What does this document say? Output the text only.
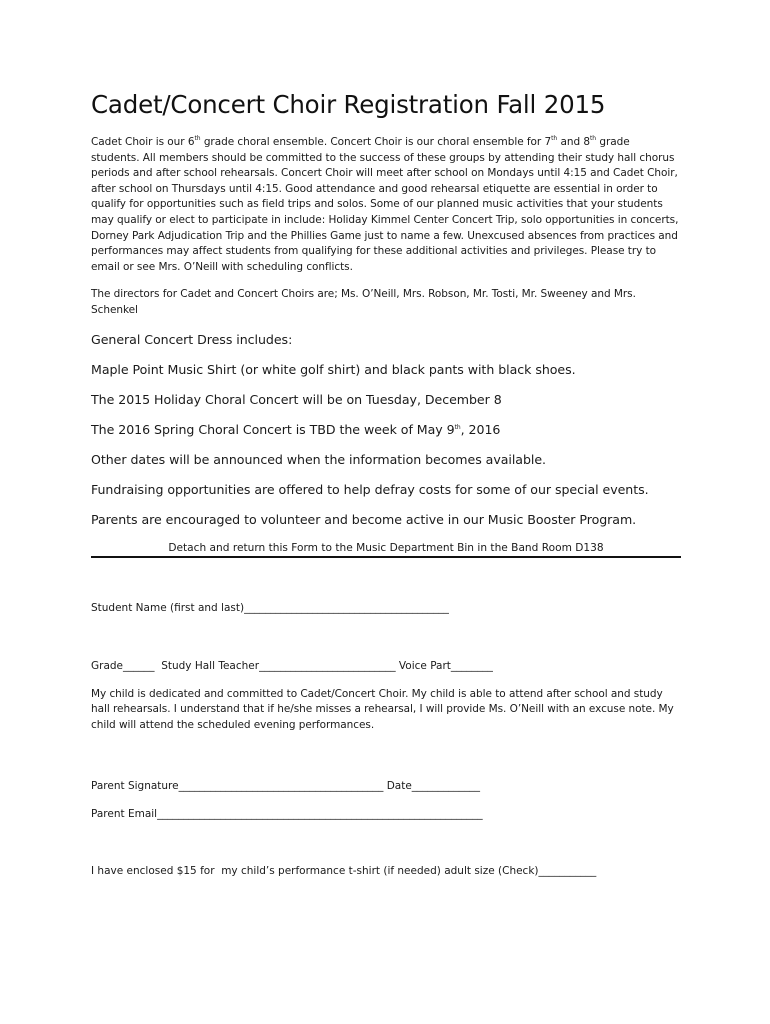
Cadet/Concert Choir Registration Fall 2015

Cadet Choir is our 6th grade choral ensemble. Concert Choir is our choral ensemble for 7th and 8th grade students. All members should be committed to the success of these groups by attending their study hall chorus periods and after school rehearsals. Concert Choir will meet after school on Mondays until 4:15 and Cadet Choir, after school on Thursdays until 4:15. Good attendance and good rehearsal etiquette are essential in order to qualify for opportunities such as field trips and solos. Some of our planned music activities that your students may qualify or elect to participate in include: Holiday Kimmel Center Concert Trip, solo opportunities in concerts, Dorney Park Adjudication Trip and the Phillies Game just to name a few. Unexcused absences from practices and performances may affect students from qualifying for these additional activities and privileges. Please try to email or see Mrs. O’Neill with scheduling conflicts.

The directors for Cadet and Concert Choirs are; Ms. O’Neill, Mrs. Robson, Mr. Tosti, Mr. Sweeney and Mrs. Schenkel

General Concert Dress includes:

Maple Point Music Shirt (or white golf shirt) and black pants with black shoes.

The 2015 Holiday Choral Concert will be on Tuesday, December 8

The 2016 Spring Choral Concert is TBD the week of May 9th, 2016

Other dates will be announced when the information becomes available.

Fundraising opportunities are offered to help defray costs for some of our special events.

Parents are encouraged to volunteer and become active in our Music Booster Program.

Detach and return this Form to the Music Department Bin in the Band Room D138

Student Name (first and last)_______________________________________

Grade______  Study Hall Teacher__________________________ Voice Part________

My child is dedicated and committed to Cadet/Concert Choir. My child is able to attend after school and study hall rehearsals. I understand that if he/she misses a rehearsal, I will provide Ms. O’Neill with an excuse note. My child will attend the scheduled evening performances.

Parent Signature_______________________________________ Date_____________

Parent Email______________________________________________________________

I have enclosed $15 for  my child’s performance t-shirt (if needed) adult size (Check)___________
